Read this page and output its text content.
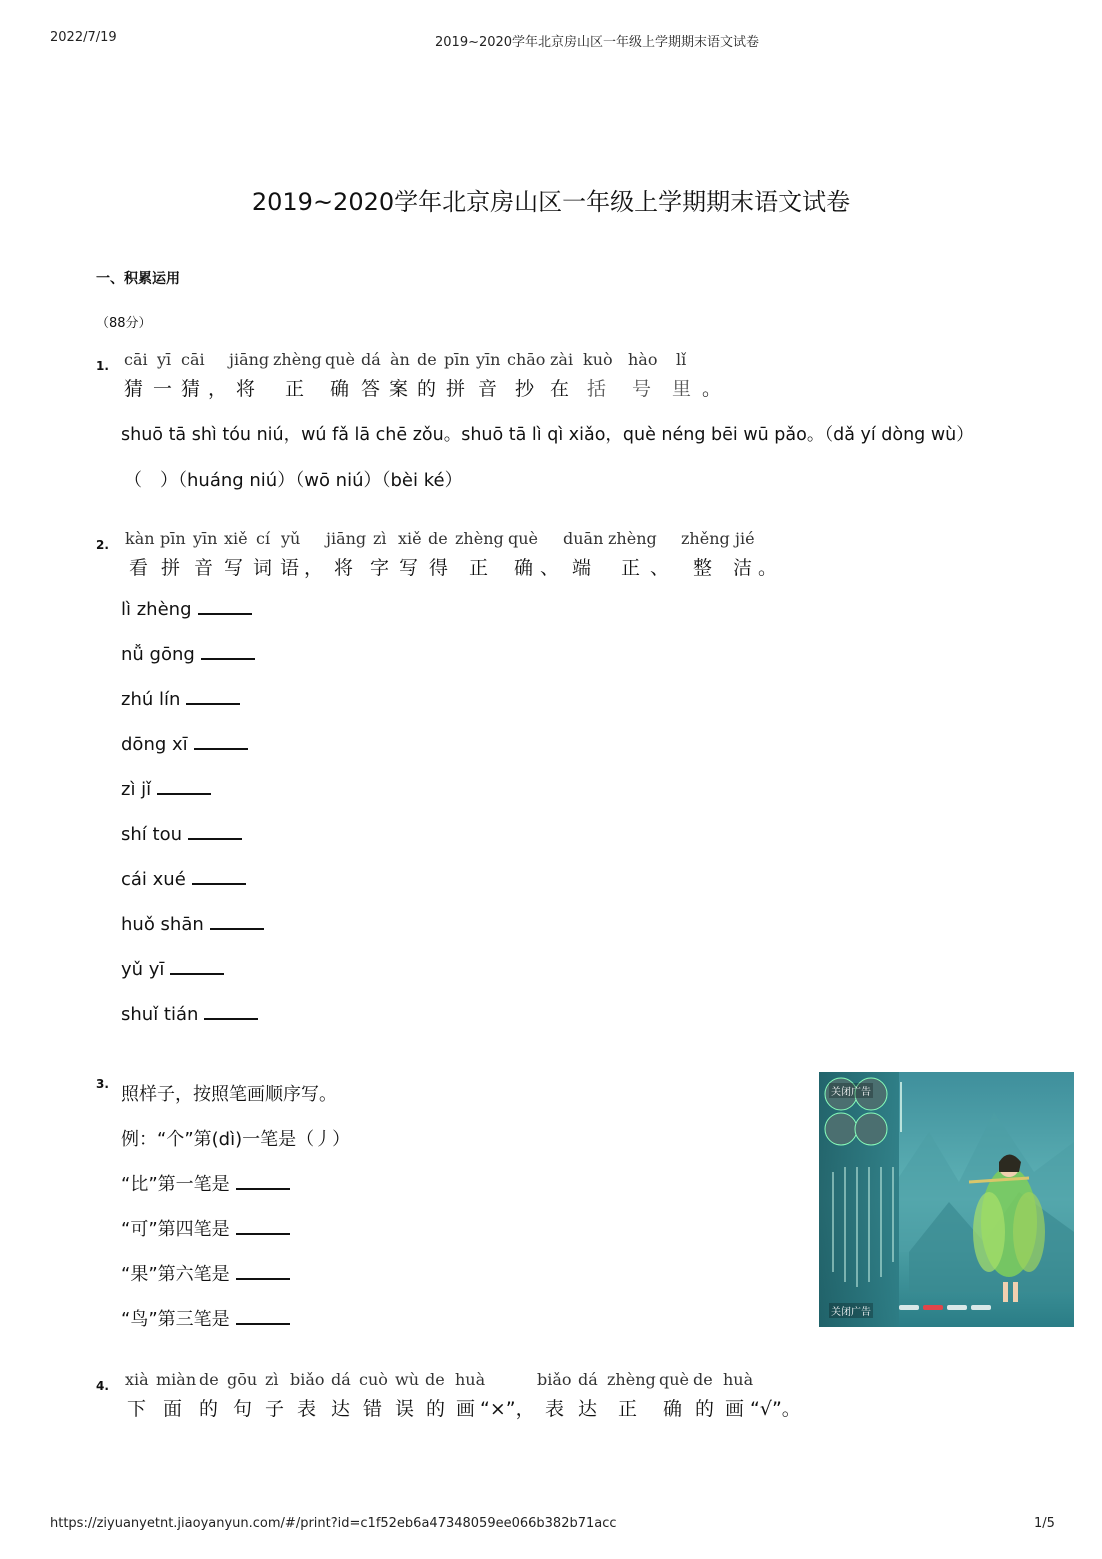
2022/7/19	2019~2020学年北京房山区一年级上学期期末语文试卷
2019~2020学年北京房山区一年级上学期期末语文试卷
一、积累运用
（88分）
1. cāi yī cāi jiāng zhèng què dá àn de pīn yīn chāo zài kuò hào lǐ
猜 一 猜 ， 将 正 确 答 案 的 拼 音 抄 在 括 号 里 。
shuō tā shì tóu niú，wú fǎ lā chē zǒu。shuō tā lì qì xiǎo，què néng bēi wū pǎo。（dǎ yí dòng wù）
（　）（huáng niú）（wō niú）（bèi ké）
2. kàn pīn yīn xiě cí yǔ jiāng zì xiě de zhèng què duān zhèng zhěng jié
看 拼 音 写 词 语 ， 将 字 写 得 正 确 、 端 正 、 整 洁 。
lì zhèng
nǚ gōng
zhú lín
dōng xī
zì jǐ
shí tou
cái xué
huǒ shān
yǔ yī
shuǐ tián
3. 照样子，按照笔画顺序写。
例：“个”第(dì)一笔是（丿）
“比”第一笔是
“可”第四笔是
“果”第六笔是
“鸟”第三笔是
关闭广告
关闭广告
4. xià miàn de gōu zì biǎo dá cuò wù de huà	biǎo dá zhèng què de huà
下 面 的 句 子 表 达 错 误 的 画 “×”， 表 达 正 确 的 画 “√”。
https://ziyuanyetnt.jiaoyanyun.com/#/print?id=c1f52eb6a47348059ee066b382b71acc	1/5
